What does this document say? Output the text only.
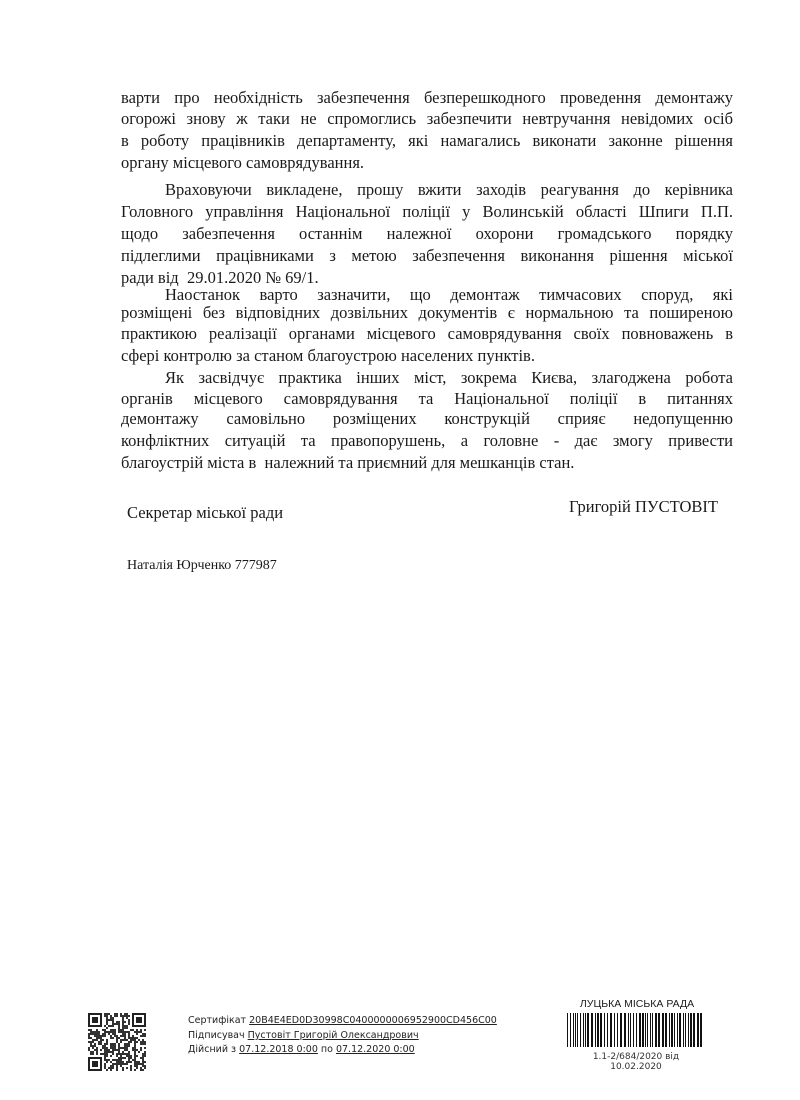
варти про необхідність забезпечення безперешкодного проведення демонтажу
огорожі знову ж таки не спромоглись забезпечити невтручання невідомих осіб
в роботу працівників департаменту, які намагались виконати законне рішення
органу місцевого самоврядування.
Враховуючи викладене, прошу вжити заходів реагування до керівника
Головного управління Національної поліції у Волинській області Шпиги П.П.
щодо забезпечення останнім належної охорони громадського порядку
підлеглими працівниками з метою забезпечення виконання рішення міської
ради від  29.01.2020 № 69/1.
Наостанок варто зазначити, що демонтаж тимчасових споруд, які
розміщені без відповідних дозвільних документів є нормальною та поширеною
практикою реалізації органами місцевого самоврядування своїх повноважень в
сфері контролю за станом благоустрою населених пунктів.
Як засвідчує практика інших міст, зокрема Києва, злагоджена робота
органів місцевого самоврядування та Національної поліції в питаннях
демонтажу самовільно розміщених конструкцій сприяє недопущенню
конфліктних ситуацій та правопорушень, а головне - дає змогу привести
благоустрій міста в  належний та приємний для мешканців стан.
Секретар міської ради	Григорій ПУСТОВІТ
Наталія Юрченко 777987
Сертифікат 20B4E4ED0D30998C0400000006952900CD456C00
Підписувач Пустовіт Григорій Олександрович
Дійсний з 07.12.2018 0:00 по 07.12.2020 0:00
ЛУЦЬКА МІСЬКА РАДА
1.1-2/684/2020 від 10.02.2020
